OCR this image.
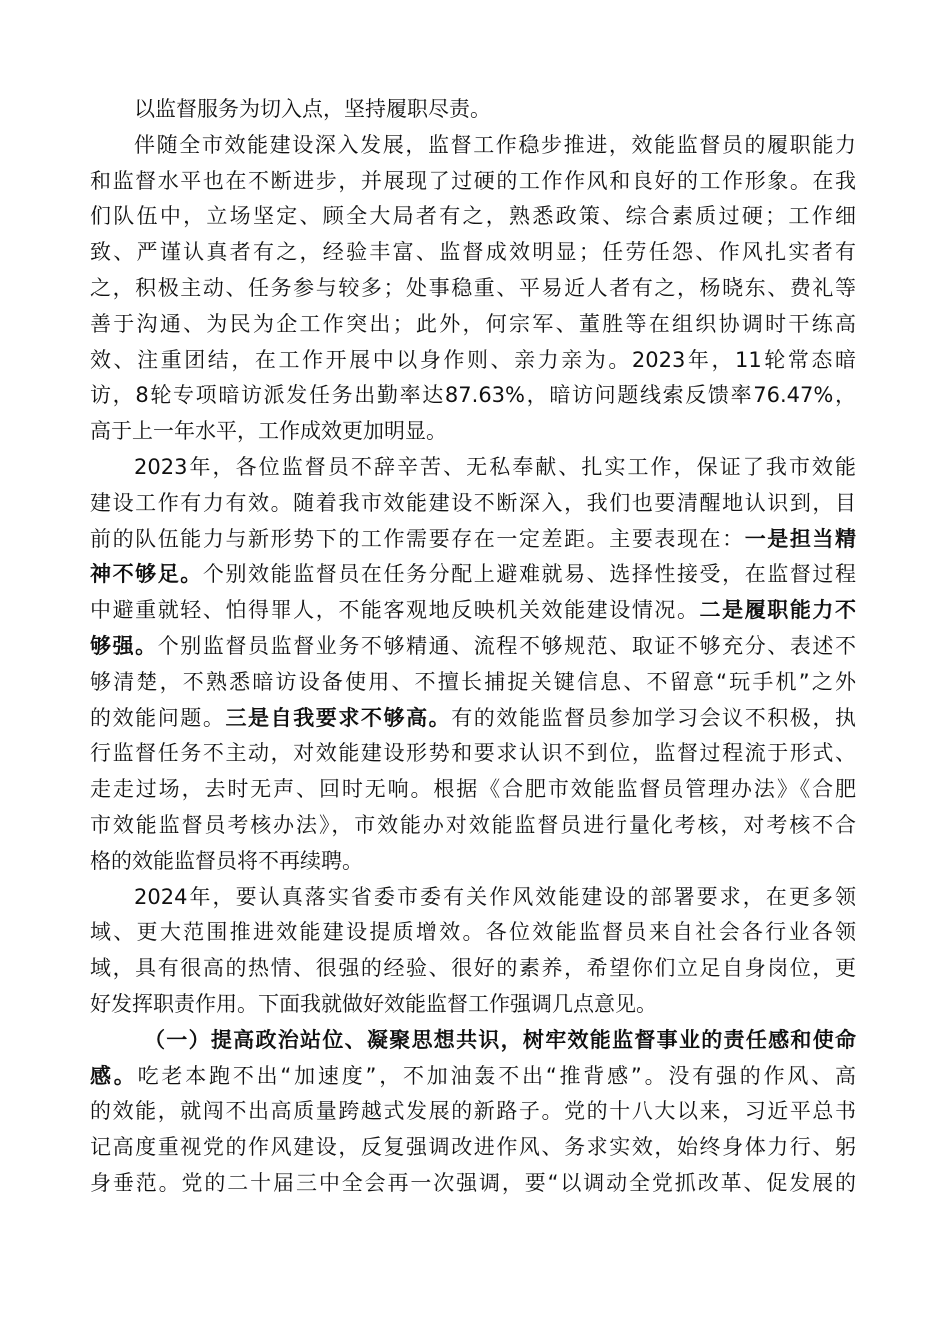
以监督服务为切入点，坚持履职尽责。
伴随全市效能建设深入发展，监督工作稳步推进，效能监督员的履职能力
和监督水平也在不断进步，并展现了过硬的工作作风和良好的工作形象。在我
们队伍中，立场坚定、顾全大局者有之，熟悉政策、综合素质过硬；工作细
致、严谨认真者有之，经验丰富、监督成效明显；任劳任怨、作风扎实者有
之，积极主动、任务参与较多；处事稳重、平易近人者有之，杨晓东、费礼等
善于沟通、为民为企工作突出；此外，何宗军、董胜等在组织协调时干练高
效、注重团结，在工作开展中以身作则、亲力亲为。2023年，11轮常态暗
访，8轮专项暗访派发任务出勤率达87.63%，暗访问题线索反馈率76.47%，
高于上一年水平，工作成效更加明显。
2023年，各位监督员不辞辛苦、无私奉献、扎实工作，保证了我市效能
建设工作有力有效。随着我市效能建设不断深入，我们也要清醒地认识到，目
前的队伍能力与新形势下的工作需要存在一定差距。主要表现在：一是担当精
神不够足。个别效能监督员在任务分配上避难就易、选择性接受，在监督过程
中避重就轻、怕得罪人，不能客观地反映机关效能建设情况。二是履职能力不
够强。个别监督员监督业务不够精通、流程不够规范、取证不够充分、表述不
够清楚，不熟悉暗访设备使用、不擅长捕捉关键信息、不留意“玩手机”之外
的效能问题。三是自我要求不够高。有的效能监督员参加学习会议不积极，执
行监督任务不主动，对效能建设形势和要求认识不到位，监督过程流于形式、
走走过场，去时无声、回时无响。根据《合肥市效能监督员管理办法》《合肥
市效能监督员考核办法》，市效能办对效能监督员进行量化考核，对考核不合
格的效能监督员将不再续聘。
2024年，要认真落实省委市委有关作风效能建设的部署要求，在更多领
域、更大范围推进效能建设提质增效。各位效能监督员来自社会各行业各领
域，具有很高的热情、很强的经验、很好的素养，希望你们立足自身岗位，更
好发挥职责作用。下面我就做好效能监督工作强调几点意见。
（一）提高政治站位、凝聚思想共识，树牢效能监督事业的责任感和使命
感。吃老本跑不出“加速度”，不加油轰不出“推背感”。没有强的作风、高
的效能，就闯不出高质量跨越式发展的新路子。党的十八大以来，习近平总书
记高度重视党的作风建设，反复强调改进作风、务求实效，始终身体力行、躬
身垂范。党的二十届三中全会再一次强调，要“以调动全党抓改革、促发展的
